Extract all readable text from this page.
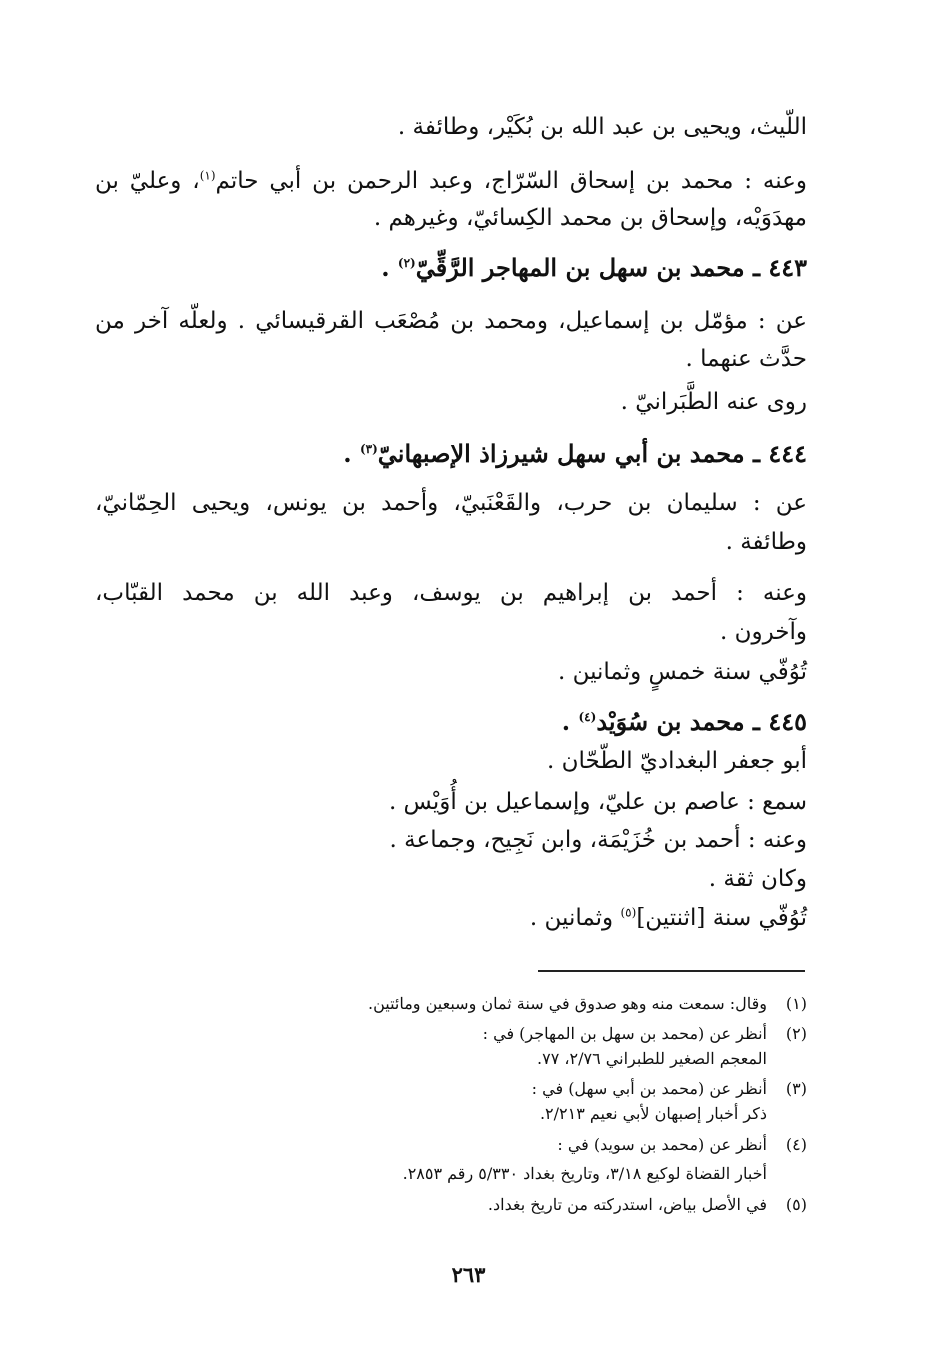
اللّيث، ويحيى بن عبد الله بن بُكَيْر، وطائفة .
وعنه : محمد بن إسحاق السّرّاج، وعبد الرحمن بن أبي حاتم$^{(١)}$، وعليّ بن
مهدَوَيْه، وإسحاق بن محمد الكِسائيّ، وغيرهم .
٤٤٣ ـ محمد بن سهل بن المهاجر الرَّقِّيّ$^{(٢)}$ .
عن : مؤمّل بن إسماعيل، ومحمد بن مُصْعَب القرقيسائي . ولعلّه آخر من
حدَّث عنهما .
روى عنه الطَّبَرانيّ .
٤٤٤ ـ محمد بن أبي سهل شيرزاذ الإصبهانيّ$^{(٣)}$ .
عن : سليمان بن حرب، والقَعْنَبيّ، وأحمد بن يونس، ويحيى الحِمّانيّ،
وطائفة .
وعنه : أحمد بن إبراهيم بن يوسف، وعبد الله بن محمد القبّاب،
وآخرون .
تُوُفّي سنة خمسٍ وثمانين .
٤٤٥ ـ محمد بن سُوَيْد$^{(٤)}$ .
أبو جعفر البغداديّ الطّحّان .
سمع : عاصم بن عليّ، وإسماعيل بن أُوَيْس .
وعنه : أحمد بن خُزَيْمَة، وابن نَجِيح، وجماعة .
وكان ثقة .
تُوُفّي سنة [اثنتين]$^{(٥)}$ وثمانين .
(١)وقال: سمعت منه وهو صدوق في سنة ثمان وسبعين ومائتين.
(٢)أنظر عن (محمد بن سهل بن المهاجر) في :
المعجم الصغير للطبراني ٢/٧٦، ٧٧.
(٣)أنظر عن (محمد بن أبي سهل) في :
ذكر أخبار إصبهان لأبي نعيم ٢/٢١٣.
(٤)أنظر عن (محمد بن سويد) في :
أخبار القضاة لوكيع ٣/١٨، وتاريخ بغداد ٥/٣٣٠ رقم ٢٨٥٣.
(٥)في الأصل بياض، استدركته من تاريخ بغداد.
٢٦٣
